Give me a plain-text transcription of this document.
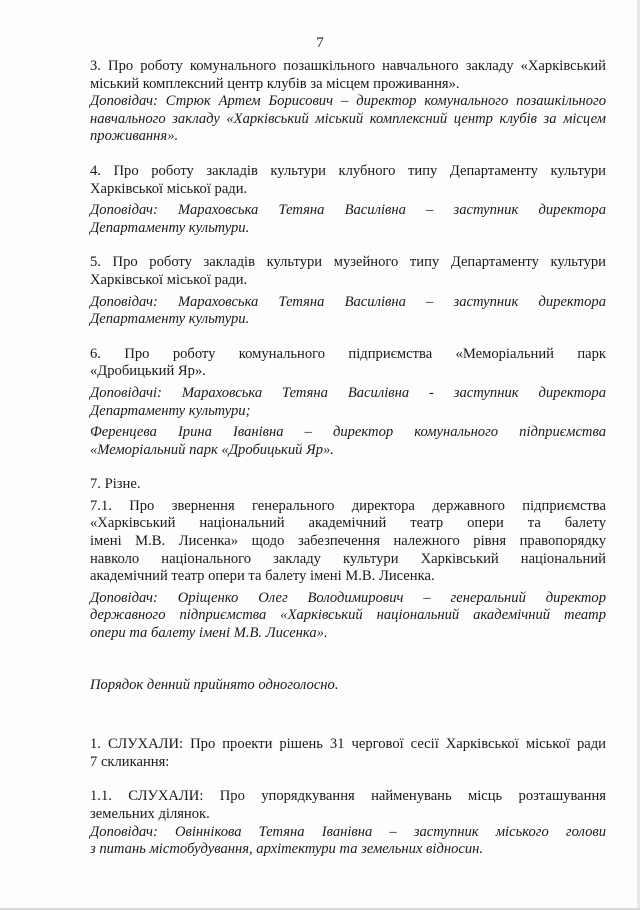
7
3. Про роботу комунального позашкільного навчального закладу «Харківський
міський комплексний центр клубів за місцем проживання».
Доповідач: Стрюк Артем Борисович – директор комунального позашкільного
навчального закладу «Харківський міський комплексний центр клубів за місцем
проживання».
4. Про роботу закладів культури клубного типу Департаменту культури
Харківської міської ради.
Доповідач: Мараховська Тетяна Василівна – заступник директора
Департаменту культури.
5. Про роботу закладів культури музейного типу Департаменту культури
Харківської міської ради.
Доповідач: Мараховська Тетяна Василівна – заступник директора
Департаменту культури.
6. Про роботу комунального підприємства «Меморіальний парк
«Дробицький Яр».
Доповідачі: Мараховська Тетяна Василівна - заступник директора
Департаменту культури;
Ференцева Ірина Іванівна – директор комунального підприємства
«Меморіальний парк «Дробицький Яр».
7. Різне.
7.1. Про звернення генерального директора державного підприємства
«Харківський національний академічний театр опери та балету
імені М.В. Лисенка» щодо забезпечення належного рівня правопорядку
навколо національного закладу культури Харківський національний
академічний театр опери та балету імені М.В. Лисенка.
Доповідач: Оріщенко Олег Володимирович – генеральний директор
державного підприємства «Харківський національний академічний театр
опери та балету імені М.В. Лисенка».
Порядок денний прийнято одноголосно.
1. СЛУХАЛИ: Про проекти рішень 31 чергової сесії Харківської міської ради
7 скликання:
1.1. СЛУХАЛИ: Про упорядкування найменувань місць розташування
земельних ділянок.
Доповідач: Овіннікова Тетяна Іванівна – заступник міського голови
з питань містобудування, архітектури та земельних відносин.
